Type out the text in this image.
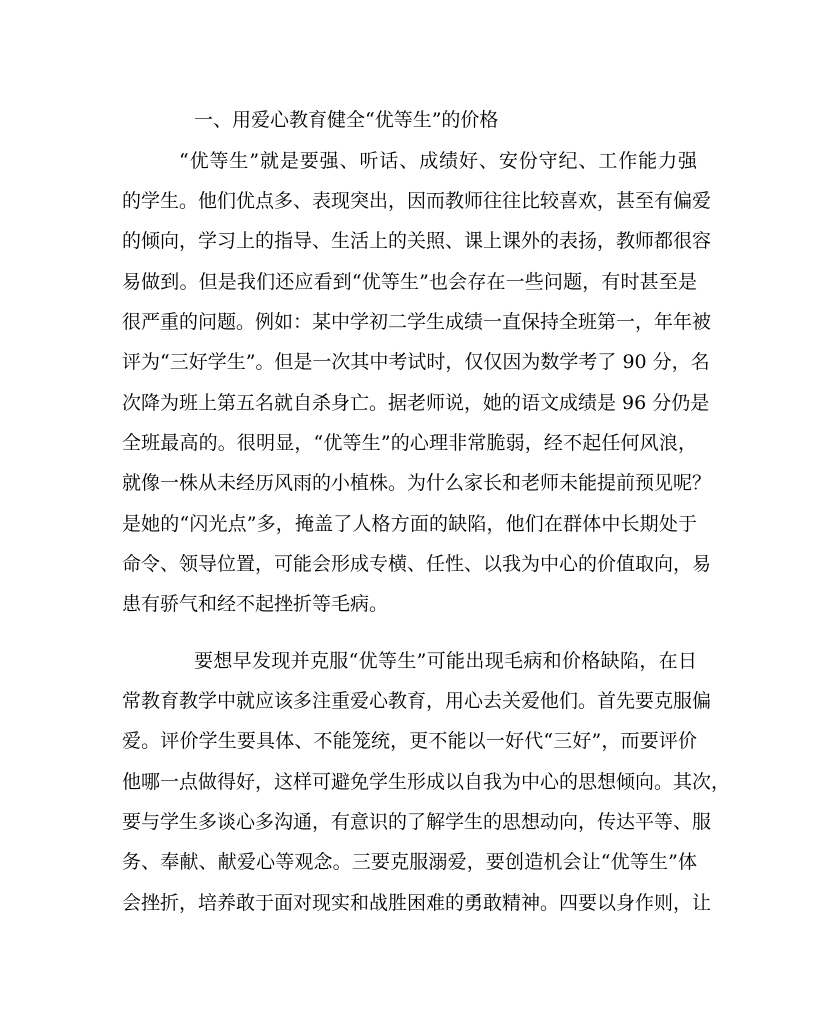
一、用爱心教育健全“优等生”的价格
“优等生”就是要强、听话、成绩好、安份守纪、工作能力强
的学生。他们优点多、表现突出，因而教师往往比较喜欢，甚至有偏爱
的倾向，学习上的指导、生活上的关照、课上课外的表扬，教师都很容
易做到。但是我们还应看到“优等生”也会存在一些问题，有时甚至是
很严重的问题。例如：某中学初二学生成绩一直保持全班第一，年年被
评为“三好学生”。但是一次其中考试时，仅仅因为数学考了 90 分，名
次降为班上第五名就自杀身亡。据老师说，她的语文成绩是 96 分仍是
全班最高的。很明显，“优等生”的心理非常脆弱，经不起任何风浪，
就像一株从未经历风雨的小植株。为什么家长和老师未能提前预见呢？
是她的“闪光点”多，掩盖了人格方面的缺陷，他们在群体中长期处于
命令、领导位置，可能会形成专横、任性、以我为中心的价值取向，易
患有骄气和经不起挫折等毛病。
要想早发现并克服“优等生”可能出现毛病和价格缺陷，在日
常教育教学中就应该多注重爱心教育，用心去关爱他们。首先要克服偏
爱。评价学生要具体、不能笼统，更不能以一好代“三好”，而要评价
他哪一点做得好，这样可避免学生形成以自我为中心的思想倾向。其次，
要与学生多谈心多沟通，有意识的了解学生的思想动向，传达平等、服
务、奉献、献爱心等观念。三要克服溺爱，要创造机会让“优等生”体
会挫折，培养敢于面对现实和战胜困难的勇敢精神。四要以身作则，让
